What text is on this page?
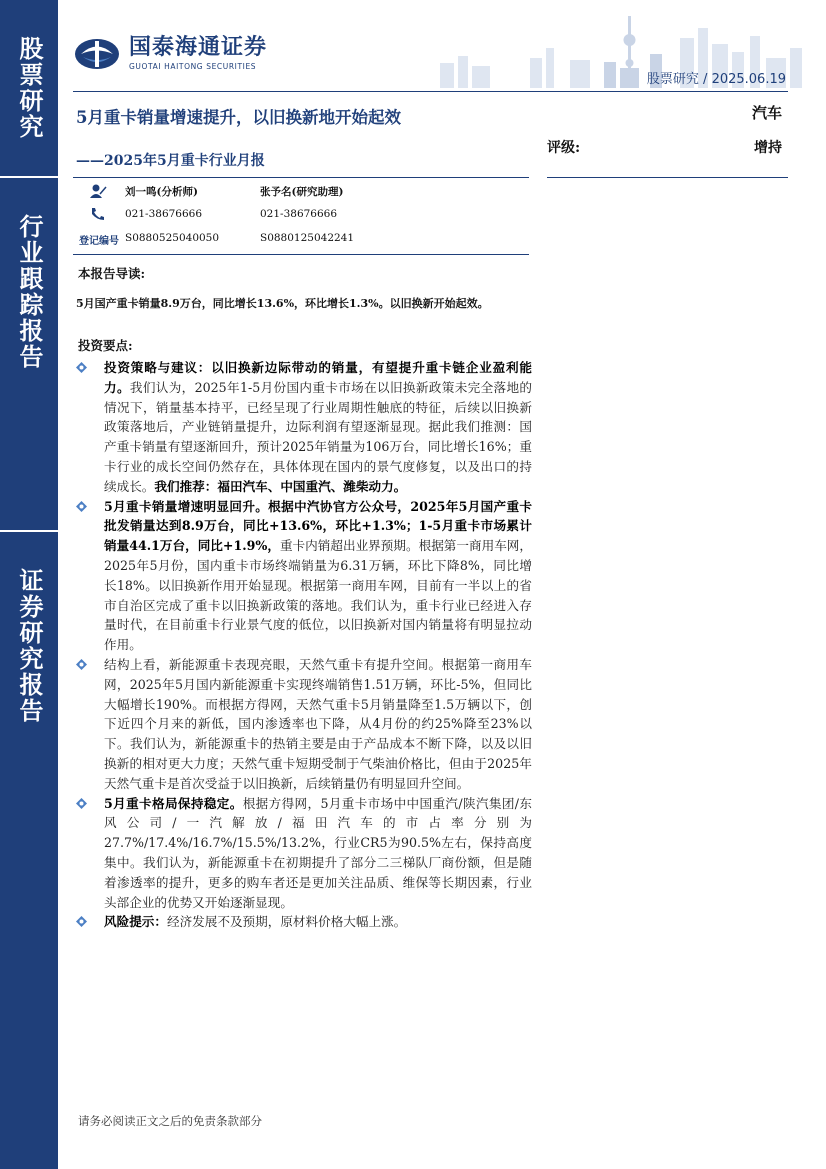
股票研究
行业跟踪报告
证券研究报告
国泰海通证券
GUOTAI HAITONG SECURITIES
股票研究 / 2025.06.19
5月重卡销量增速提升，以旧换新地开始起效
——2025年5月重卡行业月报
汽车
评级:	增持
刘一鸣(分析师)	张予名(研究助理)
021-38676666	021-38676666
登记编号 S0880525040050	S0880125042241
本报告导读:
5月国产重卡销量8.9万台，同比增长13.6%，环比增长1.3%。以旧换新开始起效。
投资要点:
投资策略与建议：以旧换新边际带动的销量，有望提升重卡链企业盈利能力。我们认为，2025年1-5月份国内重卡市场在以旧换新政策未完全落地的情况下，销量基本持平，已经呈现了行业周期性触底的特征，后续以旧换新政策落地后，产业链销量提升，边际利润有望逐渐显现。据此我们推测：国产重卡销量有望逐渐回升，预计2025年销量为106万台，同比增长16%；重卡行业的成长空间仍然存在，具体体现在国内的景气度修复，以及出口的持续成长。我们推荐：福田汽车、中国重汽、潍柴动力。
5月重卡销量增速明显回升。根据中汽协官方公众号，2025年5月国产重卡批发销量达到8.9万台，同比+13.6%，环比+1.3%；1-5月重卡市场累计销量44.1万台，同比+1.9%，重卡内销超出业界预期。根据第一商用车网，2025年5月份，国内重卡市场终端销量为6.31万辆，环比下降8%，同比增长18%。以旧换新作用开始显现。根据第一商用车网，目前有一半以上的省市自治区完成了重卡以旧换新政策的落地。我们认为，重卡行业已经进入存量时代，在目前重卡行业景气度的低位，以旧换新对国内销量将有明显拉动作用。
结构上看，新能源重卡表现亮眼，天然气重卡有提升空间。根据第一商用车网，2025年5月国内新能源重卡实现终端销售1.51万辆，环比-5%，但同比大幅增长190%。而根据方得网，天然气重卡5月销量降至1.5万辆以下，创下近四个月来的新低，国内渗透率也下降，从4月份的约25%降至23%以下。我们认为，新能源重卡的热销主要是由于产品成本不断下降，以及以旧换新的相对更大力度；天然气重卡短期受制于气柴油价格比，但由于2025年天然气重卡是首次受益于以旧换新，后续销量仍有明显回升空间。
5月重卡格局保持稳定。根据方得网，5月重卡市场中中国重汽/陕汽集团/东风公司/一汽解放/福田汽车的市占率分别为27.7%/17.4%/16.7%/15.5%/13.2%，行业CR5为90.5%左右，保持高度集中。我们认为，新能源重卡在初期提升了部分二三梯队厂商份额，但是随着渗透率的提升，更多的购车者还是更加关注品质、维保等长期因素，行业头部企业的优势又开始逐渐显现。
风险提示：经济发展不及预期，原材料价格大幅上涨。
请务必阅读正文之后的免责条款部分
